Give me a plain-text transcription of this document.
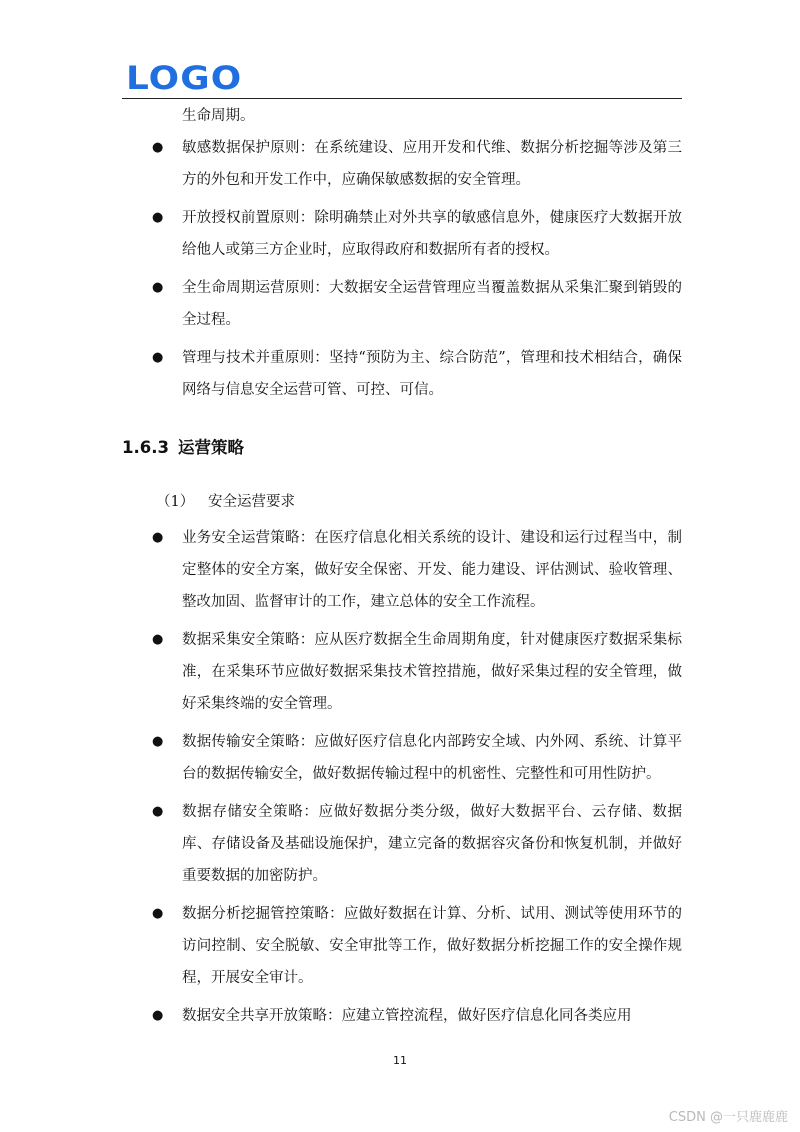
LOGO

生命周期。

● 敏感数据保护原则：在系统建设、应用开发和代维、数据分析挖掘等涉及第三方的外包和开发工作中，应确保敏感数据的安全管理。
● 开放授权前置原则：除明确禁止对外共享的敏感信息外，健康医疗大数据开放给他人或第三方企业时，应取得政府和数据所有者的授权。
● 全生命周期运营原则：大数据安全运营管理应当覆盖数据从采集汇聚到销毁的全过程。
● 管理与技术并重原则：坚持“预防为主、综合防范”，管理和技术相结合，确保网络与信息安全运营可管、可控、可信。
1.6.3 运营策略
（1） 安全运营要求
● 业务安全运营策略：在医疗信息化相关系统的设计、建设和运行过程当中，制定整体的安全方案，做好安全保密、开发、能力建设、评估测试、验收管理、整改加固、监督审计的工作，建立总体的安全工作流程。
● 数据采集安全策略：应从医疗数据全生命周期角度，针对健康医疗数据采集标准，在采集环节应做好数据采集技术管控措施，做好采集过程的安全管理，做好采集终端的安全管理。
● 数据传输安全策略：应做好医疗信息化内部跨安全域、内外网、系统、计算平台的数据传输安全，做好数据传输过程中的机密性、完整性和可用性防护。
● 数据存储安全策略：应做好数据分类分级，做好大数据平台、云存储、数据库、存储设备及基础设施保护，建立完备的数据容灾备份和恢复机制，并做好重要数据的加密防护。
● 数据分析挖掘管控策略：应做好数据在计算、分析、试用、测试等使用环节的访问控制、安全脱敏、安全审批等工作，做好数据分析挖掘工作的安全操作规程，开展安全审计。
● 数据安全共享开放策略：应建立管控流程，做好医疗信息化同各类应用
11
CSDN @一只鹿鹿鹿
